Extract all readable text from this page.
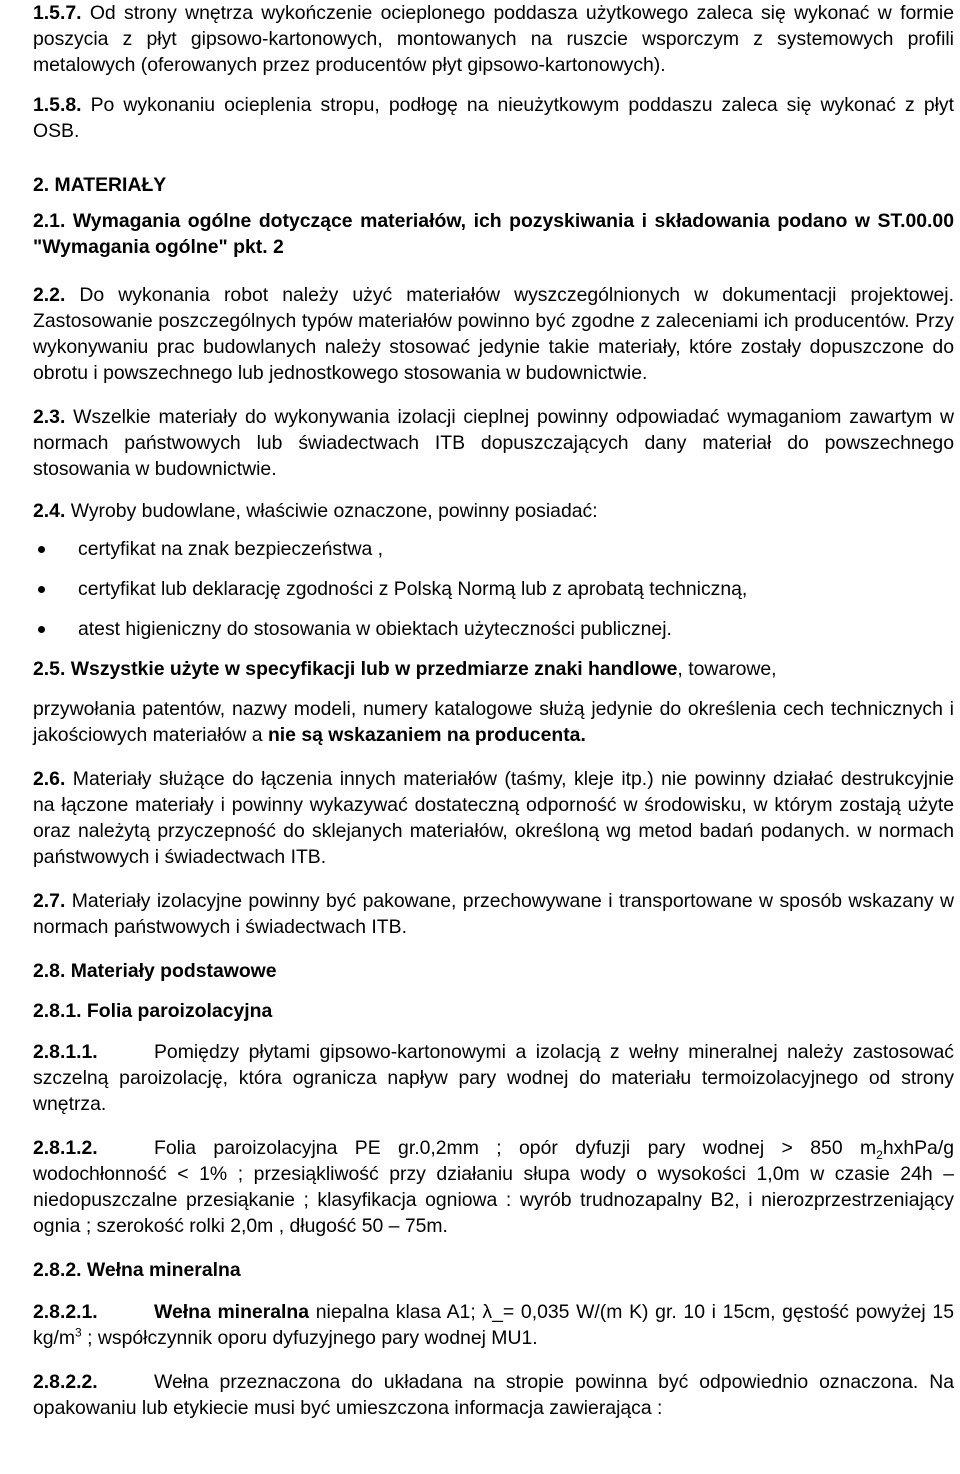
1.5.7. Od strony wnętrza wykończenie ocieplonego poddasza użytkowego zaleca się wykonać w formie poszycia z płyt gipsowo-kartonowych, montowanych na ruszcie wsporczym z systemowych profili metalowych (oferowanych przez producentów płyt gipsowo-kartonowych).

1.5.8. Po wykonaniu ocieplenia stropu, podłogę na nieużytkowym poddaszu zaleca się wykonać z płyt OSB.

2. MATERIAŁY

2.1. Wymagania ogólne dotyczące materiałów, ich pozyskiwania i składowania podano w ST.00.00 "Wymagania ogólne" pkt. 2

2.2. Do wykonania robot należy użyć materiałów wyszczególnionych w dokumentacji projektowej. Zastosowanie poszczególnych typów materiałów powinno być zgodne z zaleceniami ich producentów. Przy wykonywaniu prac budowlanych należy stosować jedynie takie materiały, które zostały dopuszczone do obrotu i powszechnego lub jednostkowego stosowania w budownictwie.

2.3. Wszelkie materiały do wykonywania izolacji cieplnej powinny odpowiadać wymaganiom zawartym w normach państwowych lub świadectwach ITB dopuszczających dany materiał do powszechnego stosowania w budownictwie.

2.4. Wyroby budowlane, właściwie oznaczone, powinny posiadać:

certyfikat na znak bezpieczeństwa ,
certyfikat lub deklarację zgodności z Polską Normą lub z aprobatą techniczną,
atest higieniczny do stosowania w obiektach użyteczności publicznej.

2.5. Wszystkie użyte w specyfikacji lub w przedmiarze znaki handlowe, towarowe,

przywołania patentów, nazwy modeli, numery katalogowe służą jedynie do określenia cech technicznych i jakościowych materiałów a nie są wskazaniem na producenta.

2.6. Materiały służące do łączenia innych materiałów (taśmy, kleje itp.) nie powinny działać destrukcyjnie na łączone materiały i powinny wykazywać dostateczną odporność w środowisku, w którym zostają użyte oraz należytą przyczepność do sklejanych materiałów, określoną wg metod badań podanych. w normach państwowych i świadectwach ITB.

2.7. Materiały izolacyjne powinny być pakowane, przechowywane i transportowane w sposób wskazany w normach państwowych i świadectwach ITB.

2.8. Materiały podstawowe

2.8.1. Folia paroizolacyjna

2.8.1.1.	Pomiędzy płytami gipsowo-kartonowymi a izolacją z wełny mineralnej należy zastosować szczelną paroizolację, która ogranicza napływ pary wodnej do materiału termoizolacyjnego od strony wnętrza.

2.8.1.2.	Folia paroizolacyjna PE gr.0,2mm ; opór dyfuzji pary wodnej > 850 $m_2hxhPa/g$ wodochłonność < 1% ; przesiąkliwość przy działaniu słupa wody o wysokości 1,0m w czasie 24h – niedopuszczalne przesiąkanie ; klasyfikacja ogniowa : wyrób trudnozapalny B2, i nierozprzestrzeniający ognia ; szerokość rolki 2,0m , długość 50 – 75m.

2.8.2. Wełna mineralna

2.8.2.1.	Wełna mineralna niepalna klasa A1; λ_= 0,035 W/(m K) gr. 10 i 15cm, gęstość powyżej 15 $kg/m^3$ ; współczynnik oporu dyfuzyjnego pary wodnej MU1.

2.8.2.2.	Wełna przeznaczona do układana na stropie powinna być odpowiednio oznaczona. Na opakowaniu lub etykiecie musi być umieszczona informacja zawierająca :
